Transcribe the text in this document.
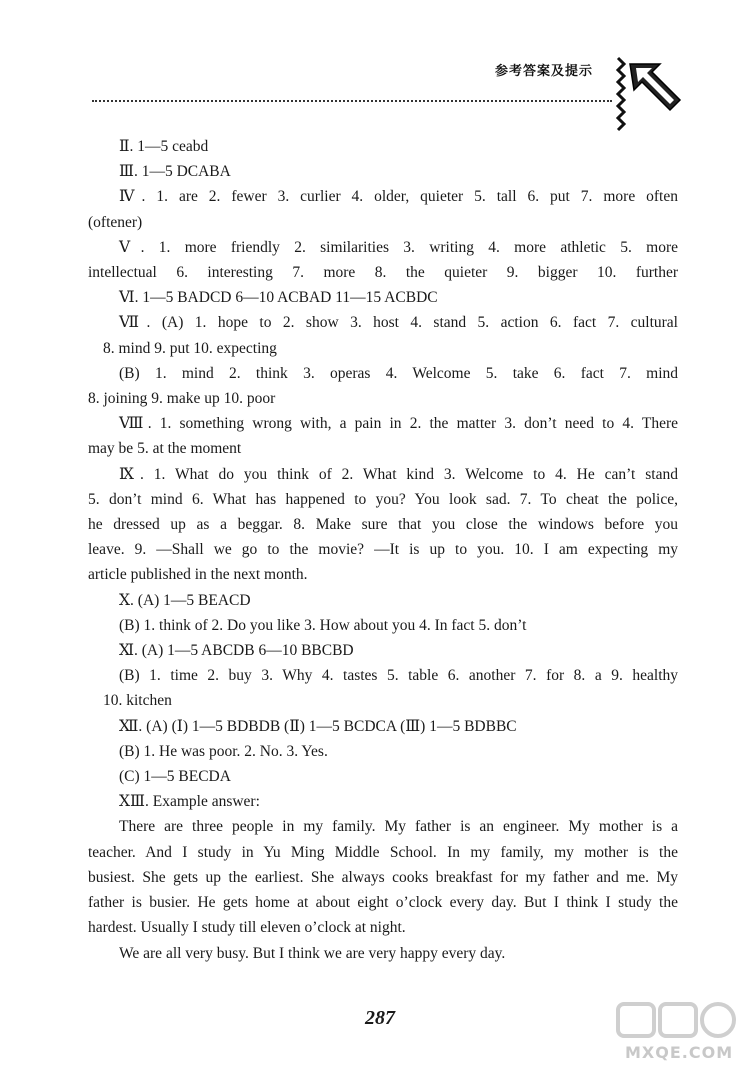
参考答案及提示

Ⅱ. 1—5 ceabd

Ⅲ. 1—5 DCABA

Ⅳ. 1. are 2. fewer 3. curlier 4. older, quieter 5. tall 6. put 7. more often

(oftener)

Ⅴ. 1. more friendly 2. similarities 3. writing 4. more athletic 5. more

intellectual 6. interesting 7. more 8. the quieter 9. bigger 10. further

Ⅵ. 1—5 BADCD 6—10 ACBAD 11—15 ACBDC

Ⅶ. (A) 1. hope to 2. show 3. host 4. stand 5. action 6. fact 7. cultural

8. mind 9. put 10. expecting

(B) 1. mind 2. think 3. operas 4. Welcome 5. take 6. fact 7. mind

8. joining 9. make up 10. poor

Ⅷ. 1. something wrong with, a pain in 2. the matter 3. don’t need to 4. There

may be 5. at the moment

Ⅸ. 1. What do you think of 2. What kind 3. Welcome to 4. He can’t stand

5. don’t mind 6. What has happened to you? You look sad. 7. To cheat the police,

he dressed up as a beggar. 8. Make sure that you close the windows before you

leave. 9. —Shall we go to the movie? —It is up to you. 10. I am expecting my

article published in the next month.

Ⅹ. (A) 1—5 BEACD

(B) 1. think of 2. Do you like 3. How about you 4. In fact 5. don’t

Ⅺ. (A) 1—5 ABCDB 6—10 BBCBD

(B) 1. time 2. buy 3. Why 4. tastes 5. table 6. another 7. for 8. a 9. healthy

10. kitchen

Ⅻ. (A) (Ⅰ) 1—5 BDBDB (Ⅱ) 1—5 BCDCA (Ⅲ) 1—5 BDBBC

(B) 1. He was poor. 2. No. 3. Yes.

(C) 1—5 BECDA

ⅩⅢ. Example answer:

There are three people in my family. My father is an engineer. My mother is a

teacher. And I study in Yu Ming Middle School. In my family, my mother is the

busiest. She gets up the earliest. She always cooks breakfast for my father and me. My

father is busier. He gets home at about eight o’clock every day. But I think I study the

hardest. Usually I study till eleven o’clock at night.

We are all very busy. But I think we are very happy every day.

287
MXQE.COM
